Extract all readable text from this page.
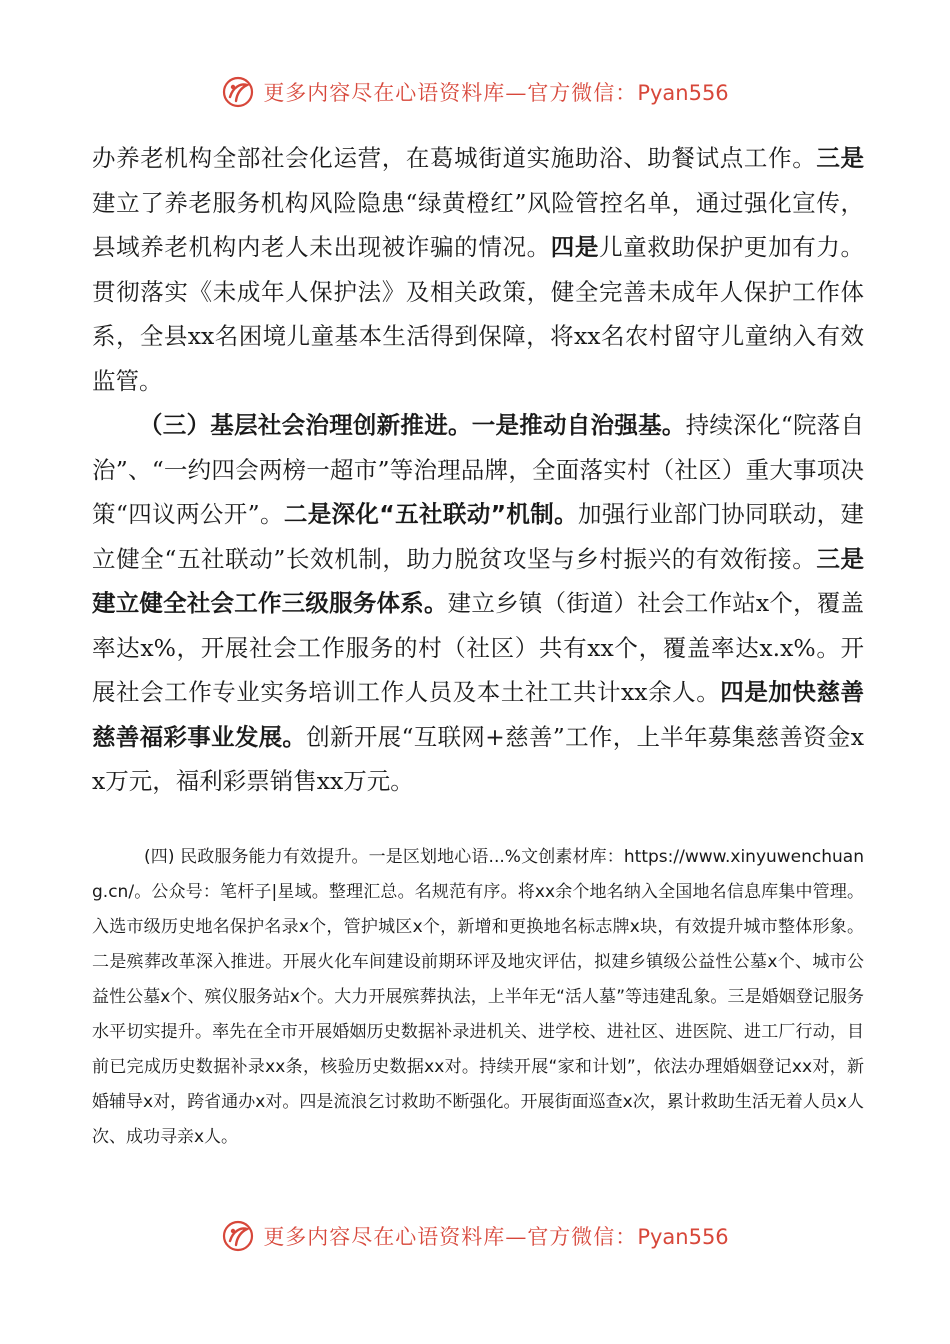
更多内容尽在心语资料库—官方微信：Pyan556

办养老机构全部社会化运营，在葛城街道实施助浴、助餐试点工作。三是建立了养老服务机构风险隐患“绿黄橙红”风险管控名单，通过强化宣传，县域养老机构内老人未出现被诈骗的情况。四是儿童救助保护更加有力。贯彻落实《未成年人保护法》及相关政策，健全完善未成年人保护工作体系，全县xx名困境儿童基本生活得到保障，将xx名农村留守儿童纳入有效监管。

（三）基层社会治理创新推进。一是推动自治强基。持续深化“院落自治”、“一约四会两榜一超市”等治理品牌，全面落实村（社区）重大事项决策“四议两公开”。二是深化“五社联动”机制。加强行业部门协同联动，建立健全“五社联动”长效机制，助力脱贫攻坚与乡村振兴的有效衔接。三是建立健全社会工作三级服务体系。建立乡镇（街道）社会工作站x个，覆盖率达x%，开展社会工作服务的村（社区）共有xx个，覆盖率达x.x%。开展社会工作专业实务培训工作人员及本土社工共计xx余人。四是加快慈善慈善福彩事业发展。创新开展“互联网+慈善”工作，上半年募集慈善资金xx万元，福利彩票销售xx万元。

(四) 民政服务能力有效提升。一是区划地心语...%文创素材库：https://www.xinyuwenchuang.cn/。公众号：笔杆子|星域。整理汇总。名规范有序。将xx余个地名纳入全国地名信息库集中管理。入选市级历史地名保护名录x个，管护城区x个，新增和更换地名标志牌x块，有效提升城市整体形象。二是殡葬改革深入推进。开展火化车间建设前期环评及地灾评估，拟建乡镇级公益性公墓x个、城市公益性公墓x个、殡仪服务站x个。大力开展殡葬执法，上半年无“活人墓”等违建乱象。三是婚姻登记服务水平切实提升。率先在全市开展婚姻历史数据补录进机关、进学校、进社区、进医院、进工厂行动，目前已完成历史数据补录xx条，核验历史数据xx对。持续开展“家和计划”，依法办理婚姻登记xx对，新婚辅导x对，跨省通办x对。四是流浪乞讨救助不断强化。开展街面巡查x次，累计救助生活无着人员x人次、成功寻亲x人。

更多内容尽在心语资料库—官方微信：Pyan556
